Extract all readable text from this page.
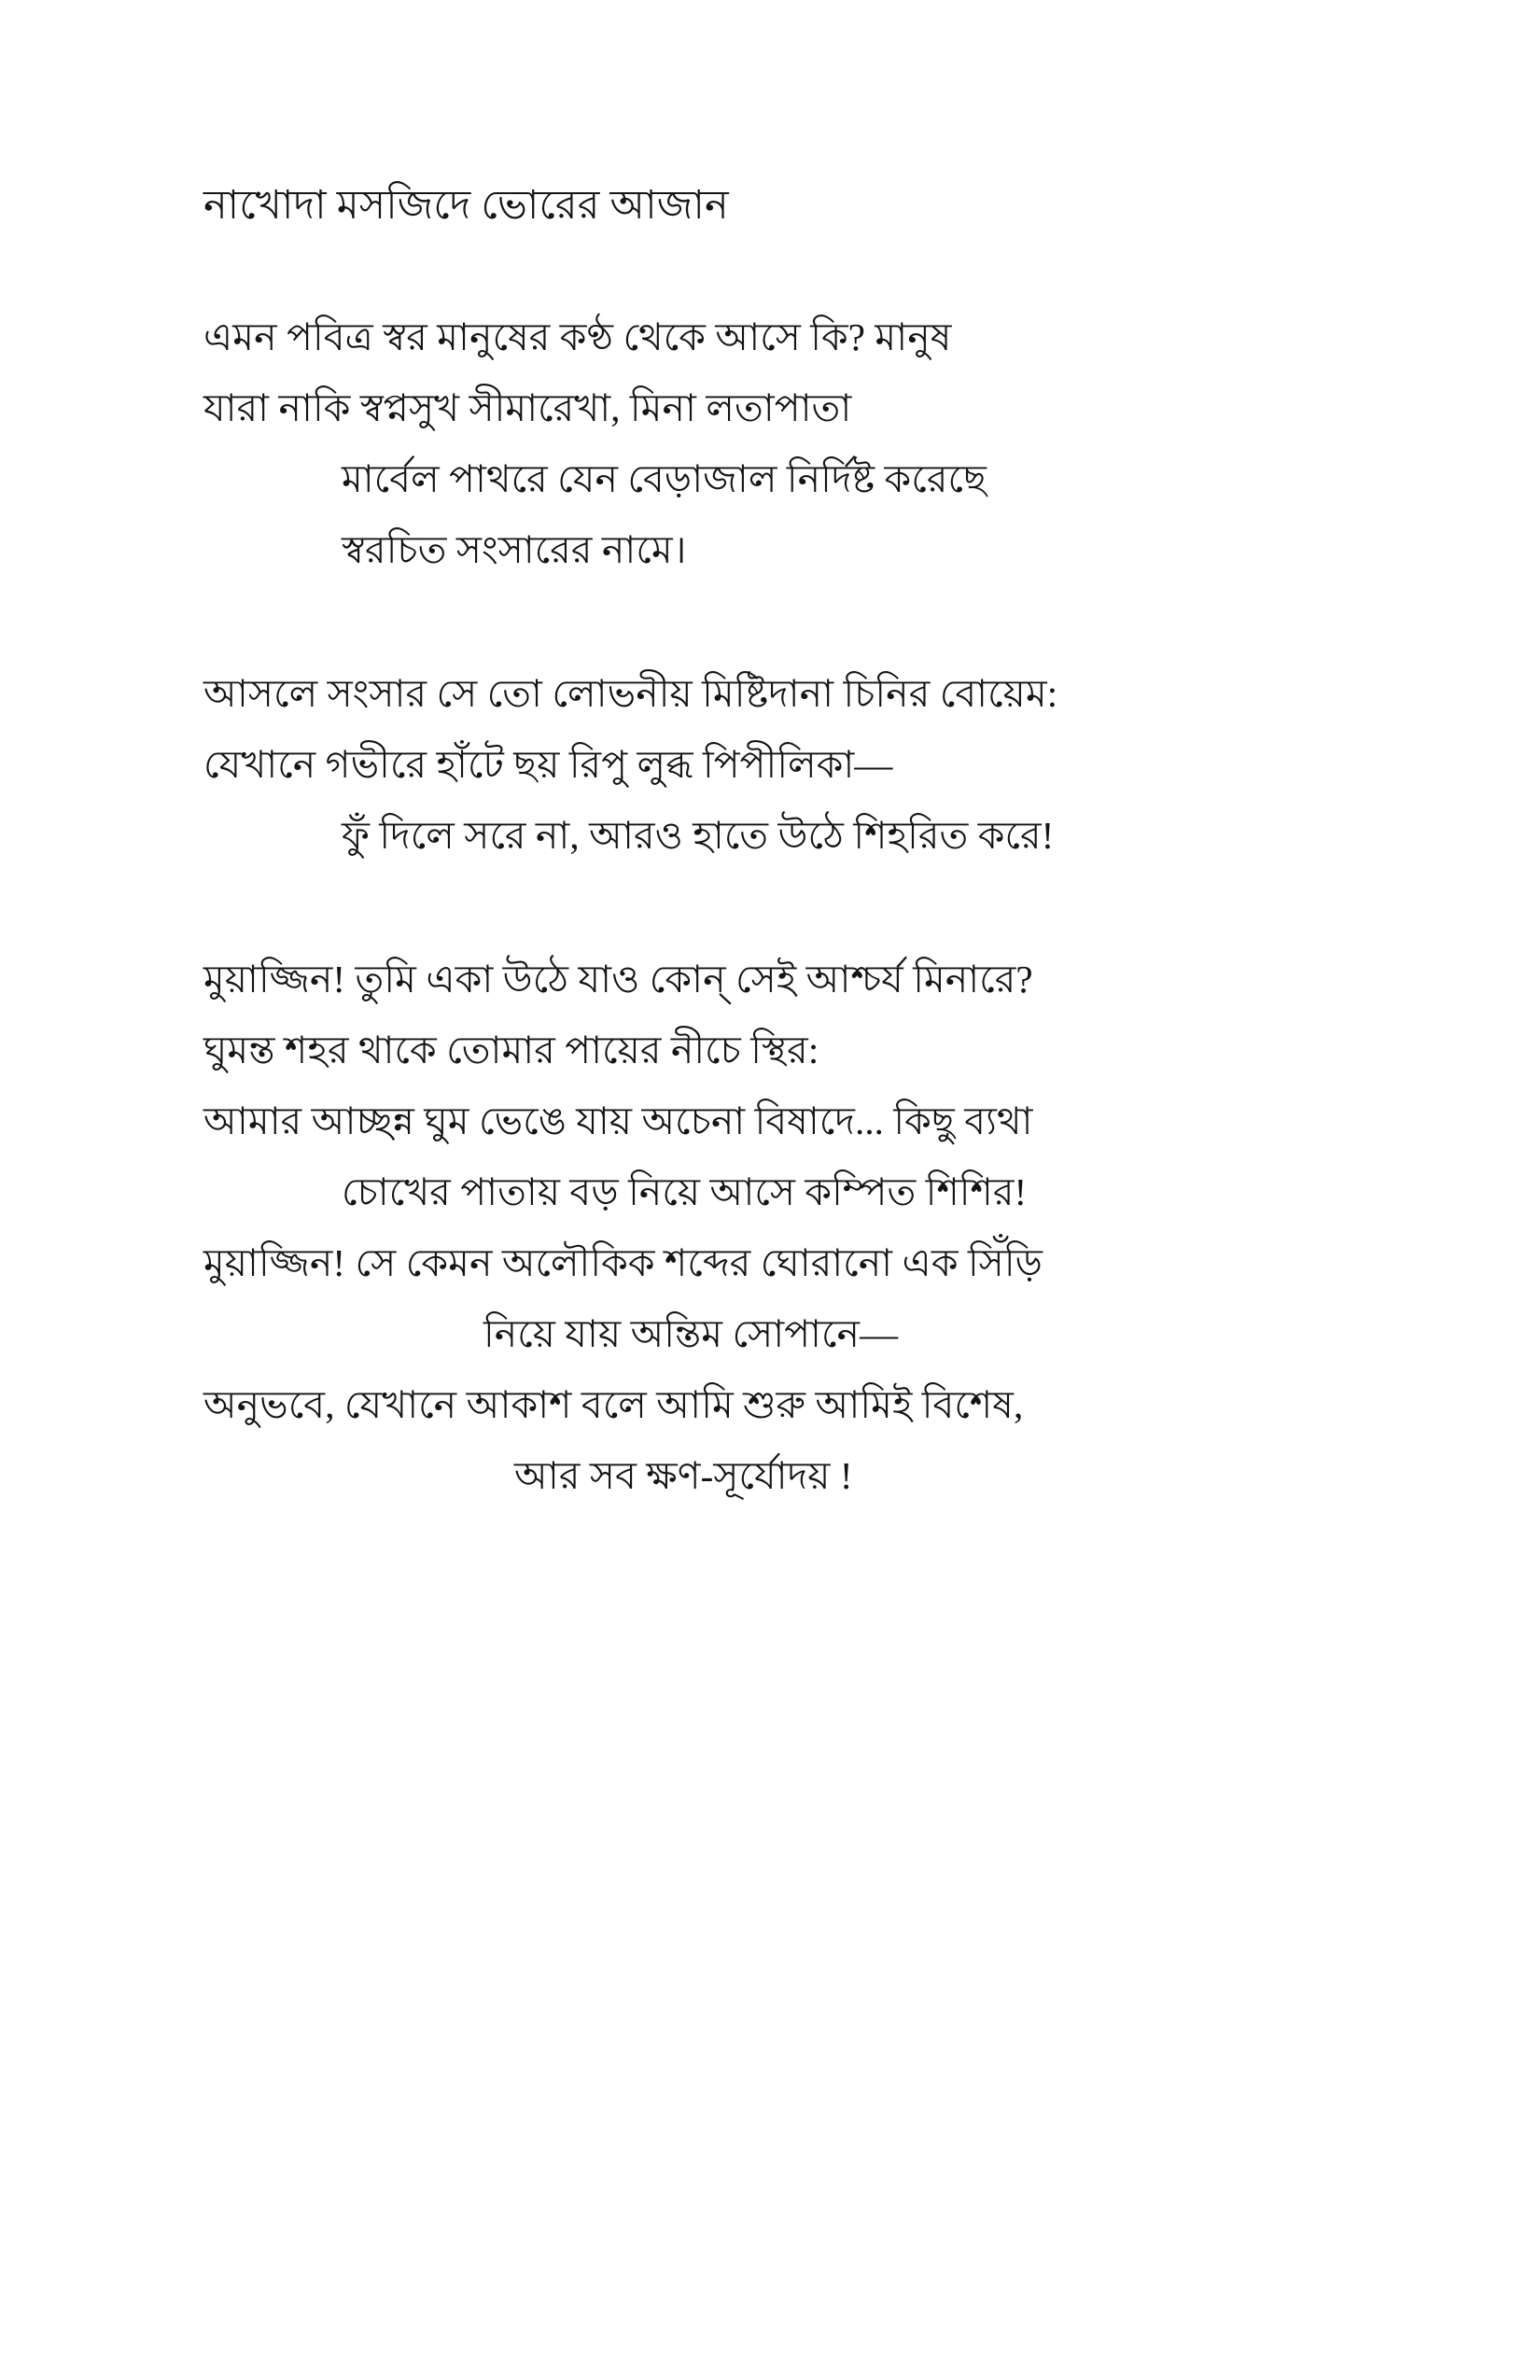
নাখোদা মসজিদে ভোরের আজান
এমন পবিত্র স্বর মানুষের কণ্ঠ থেকে আসে কি? মানুষ
যারা নাকি স্বপ্নসুখ সীমারেখা, মিনা লতাপাতা
মার্বেল পাথরে যেন বেড়াজাল নির্দিষ্ট করেছে
স্বরচিত সংসারের নামে।
আসলে সংসার সে তো লোভনীয় মিষ্টিদানা চিনির বোয়েম:
যেখানে গভীরে হাঁটে ছয় রিপু লুব্ধ পিপীলিকা—
ফুঁ দিলে সরে না, আরও হাতে উঠে শিহরিত করে!
মুয়াজ্জিন! তুমি একা উঠে যাও কোন্ সেই আশ্চর্য মিনারে?
ঘুমন্ত শহর থাকে তোমার পায়ের নীচে স্থির:
আমার আচ্ছন্ন ঘুম ভেঙে যায় অচেনা বিষাদে... কিছু ব্যথা
চোখের পাতায় বড় নিয়ে আসে কম্পিত শিশির!
মুয়াজ্জিন! সে কেমন অলৌকিক শব্দের ঘোরানো এক সিঁড়ি
নিয়ে যায় অন্তিম সোপানে—
অনুভবে, যেখানে আকাশ বলে আমি শুরু আমিই বিশেষ,
আর সব ক্ষণ-সূর্যোদয় !
